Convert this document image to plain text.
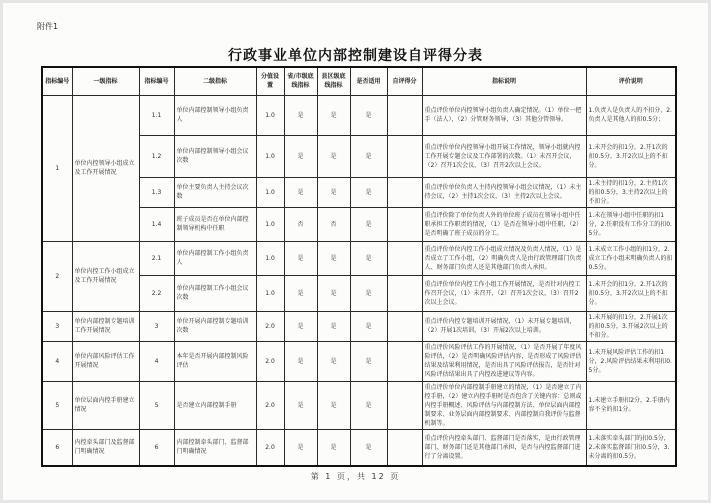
附件1
行政事业单位内部控制建设自评得分表
指标编号	一级指标	指标编号	二级指标	分值设置	省/市级底线指标	县区级底线指标	是否适用	自评得分	指标说明	评价说明
1	单位内控领导小组成立及工作开展情况	1.1	单位内部控制领导小组负责人	1.0	是	是	是		重点评价单位内控领导小组负责人确定情况。（1）单位一把手（法人），（2）分管财务领导，（3）其他分管领导。	1.负责人是负责人的不扣分，2.负责人是其他人的扣0.5分；
		1.2	单位内部控制领导小组会议次数	1.0	是	是	是		重点评价单位内控领导小组开展工作情况，领导小组就内控工作开展专题会议及工作部署的次数。（1）未召开会议，（2）召开1次会议，（3）召开2次以上会议。	1.未开会的扣1分，2.开1次的扣0.5分，3.开2次以上的不扣分。
		1.3	单位主要负责人主持会议次数	1.0	是	是	是		重点评价单位负责人主持内控领导小组会议情况，（1）未主持会议，（2）主持1次会议，（3）主持2次以上会议。	1.未主持的扣1分，2.主持1次的扣0.5分，3.主持2次以上的不扣分。
		1.4	班子成员是否在单位内部控制领导机构中任职	1.0	否	否	是		重点评价除了单位负责人外的单位班子成员在领导小组中任职承担工作职责的情况，（1）是否在领导小组中任职，（2）是否明确了班子成员的分工。	1.未在领导小组中任职的扣1分，2.任职没有工作分工的扣0.5分。
2	单位内控工作小组成立及工作开展情况	2.1	单位内部控制工作小组负责人	1.0	是	是	是		重点评价单位内控工作小组成立情况及负责人情况，（1）是否成立了工作小组，（2）明确负责人是由行政管理部门负责人、财务部门负责人还是其他部门负责人承担。	1.未成立工作小组的扣1分，2.成立工作小组未明确负责人的扣0.5分。
		2.2	单位内部控制工作小组会议次数	1.0	是	是	是		重点评价单位内控工作小组工作开展情况，是否针对内控工作召开会议，（1）未召开，（2）召开1次会议，（3）召开2次以上会议。	1.未开会的扣1分，2.开1次的扣0.5分，3.开2次以上的不扣分。
3	单位内部控制专题培训工作开展情况	3	单位开展内部控制专题培训次数	2.0	是	是	是		重点评价内控专题培训开展情况，（1）未开展专题培训，（2）开展1次培训，（3）开展2次以上培训。	1.未开展的扣1分，2.开展1次的扣0.5分，3.开展2次以上的不扣分。
4	单位内部风险评估工作开展情况	4	本年是否开展内部控制风险评估	2.0	是	是	是		重点评价风险评估工作的开展情况，（1）是否开展了年度风险评估，（2）是否明确风险评估内容，是否形成了风险评估结果及结果利用情况，是否出具了风险评估报告，是否针对风险评估结果出具了内控改进建议等内容。	1.未开展风险评估工作的扣1分，2.风险评估结果未利用扣0.5分。
5	单位层面内控手册建立情况	5	是否建立内部控制手册	2.0	是	是	是		重点评价单位内部控制手册建立的情况，（1）是否建立了内控手册，（2）建立内控手册时是否包含了关键内容：总则或内控手册概述、风险评估与内部控制方法、单位层面内部控制要求、业务层面内部控制要求、内部控制自我评价与监督机制等。	1.未建立手册扣2分，2.手册内容不全的扣1分。
6	内控牵头部门及监督部门明确情况	6	内部控制牵头部门、监督部门明确情况	2.0	是	是	是		重点评价内控牵头部门、监督部门是否落实，是由行政管理部门、财务部门还是其他部门承担，是否与内控监督部门进行了分离设置。	1.未落实牵头部门的扣0.5分，2.未落实监督部门扣0.5分，3.未分离的扣0.5分。
第 1 页，共 12 页
